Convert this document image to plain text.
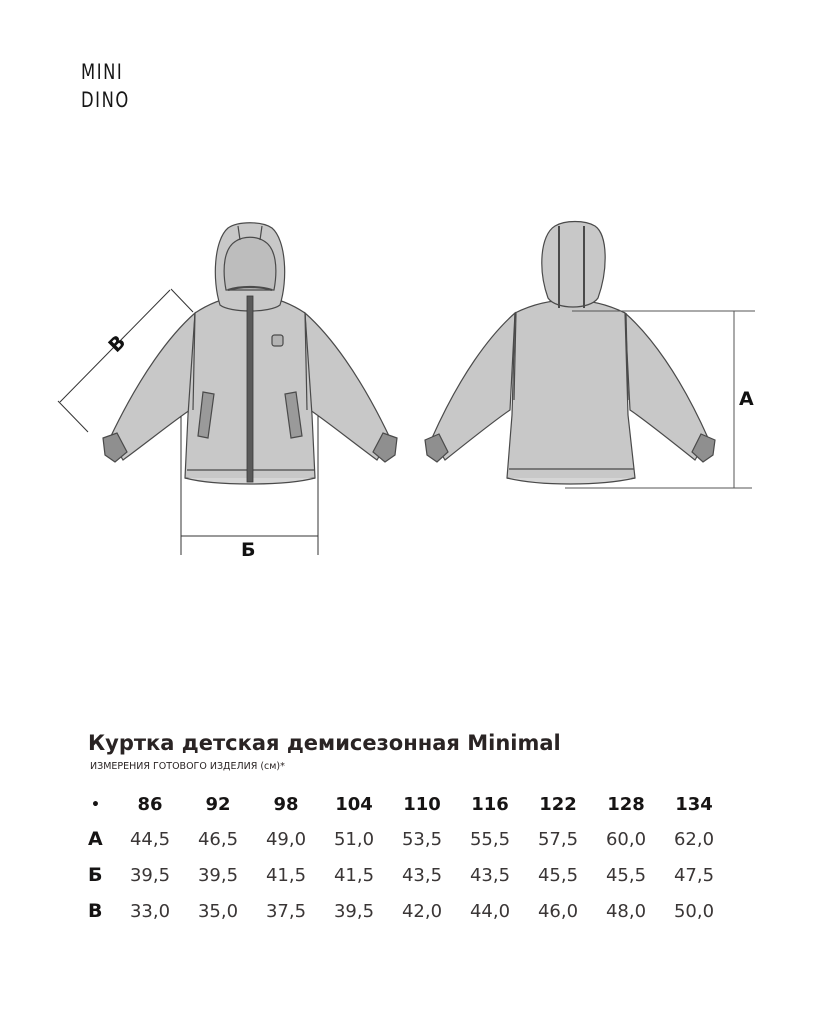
MINI
DINO
В
Б
A
Куртка детская демисезонная Minimal
ИЗМЕРЕНИЯ ГОТОВОГО ИЗДЕЛИЯ (см)*
•	86	92	98	104	110	116	122	128	134
A	44,5	46,5	49,0	51,0	53,5	55,5	57,5	60,0	62,0
Б	39,5	39,5	41,5	41,5	43,5	43,5	45,5	45,5	47,5
В	33,0	35,0	37,5	39,5	42,0	44,0	46,0	48,0	50,0
